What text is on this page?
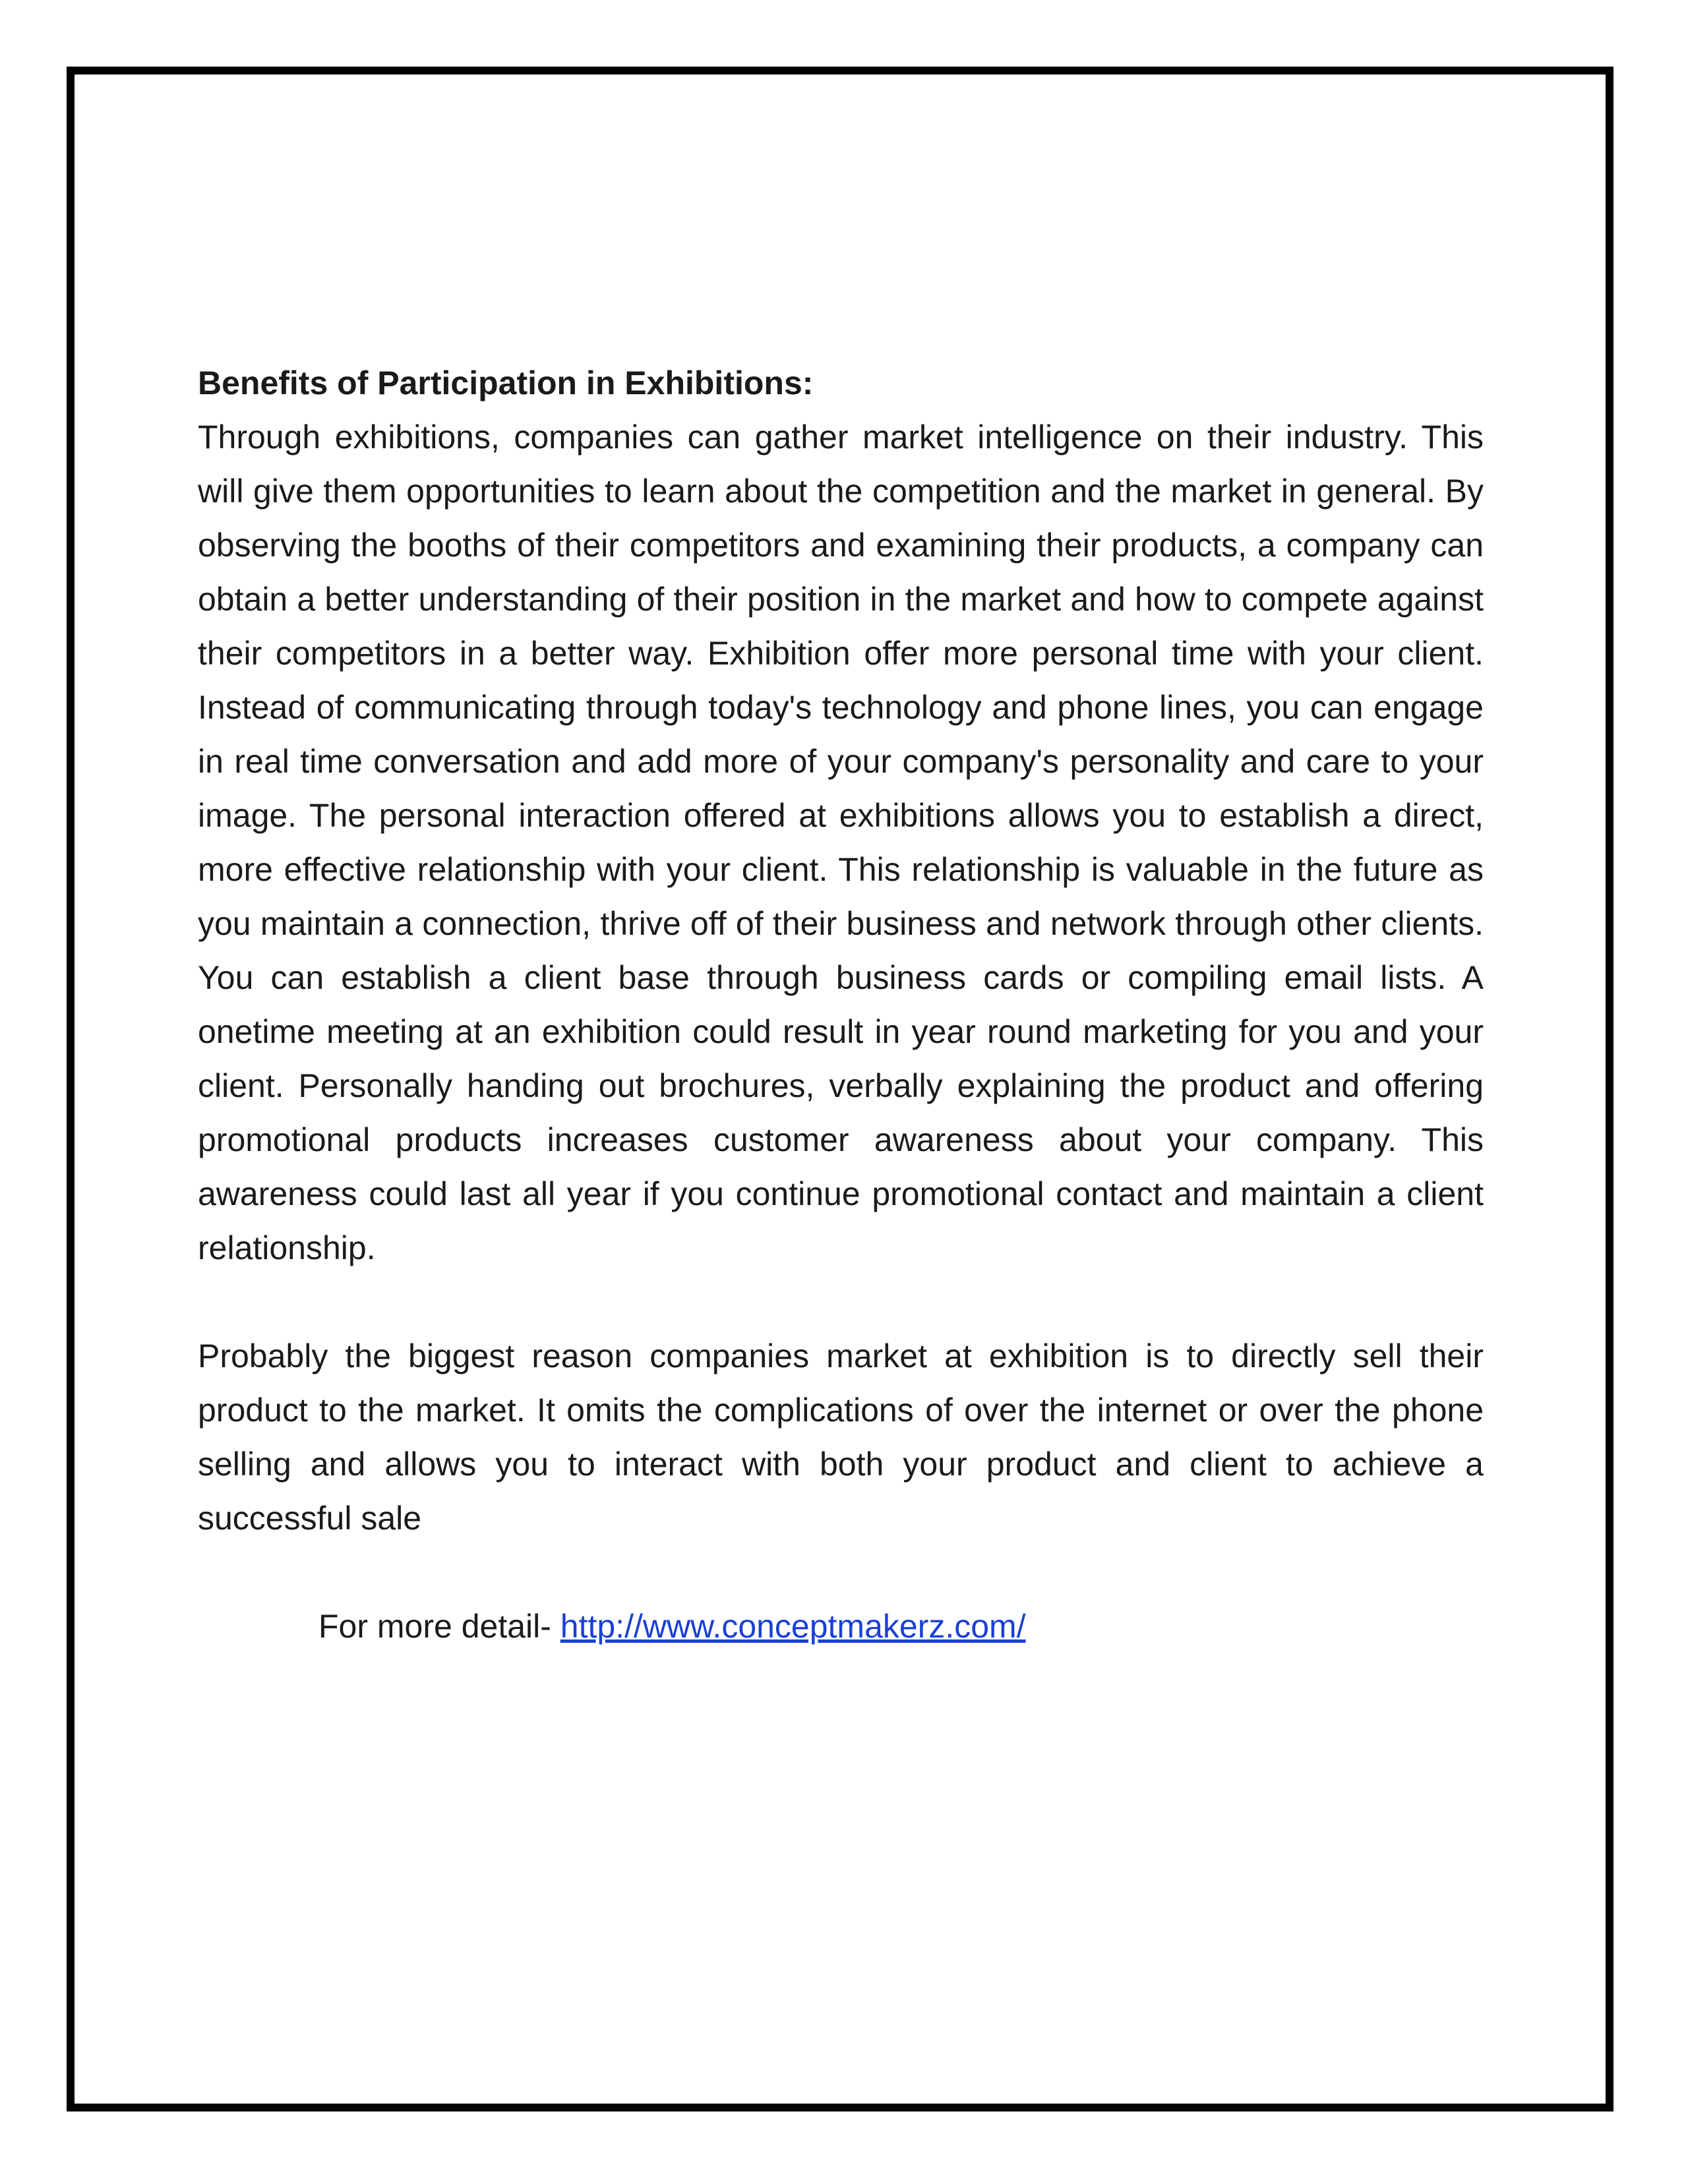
Benefits of Participation in Exhibitions:

Through exhibitions, companies can gather market intelligence on their industry. This will give them opportunities to learn about the competition and the market in general. By observing the booths of their competitors and examining their products, a company can obtain a better understanding of their position in the market and how to compete against their competitors in a better way. Exhibition offer more personal time with your client. Instead of communicating through today's technology and phone lines, you can engage in real time conversation and add more of your company's personality and care to your image. The personal interaction offered at exhibitions allows you to establish a direct, more effective relationship with your client. This relationship is valuable in the future as you maintain a connection, thrive off of their business and network through other clients. You can establish a client base through business cards or compiling email lists. A onetime meeting at an exhibition could result in year round marketing for you and your client. Personally handing out brochures, verbally explaining the product and offering promotional products increases customer awareness about your company. This awareness could last all year if you continue promotional contact and maintain a client relationship.

Probably the biggest reason companies market at exhibition is to directly sell their product to the market. It omits the complications of over the internet or over the phone selling and allows you to interact with both your product and client to achieve a successful sale

For more detail- http://www.conceptmakerz.com/
